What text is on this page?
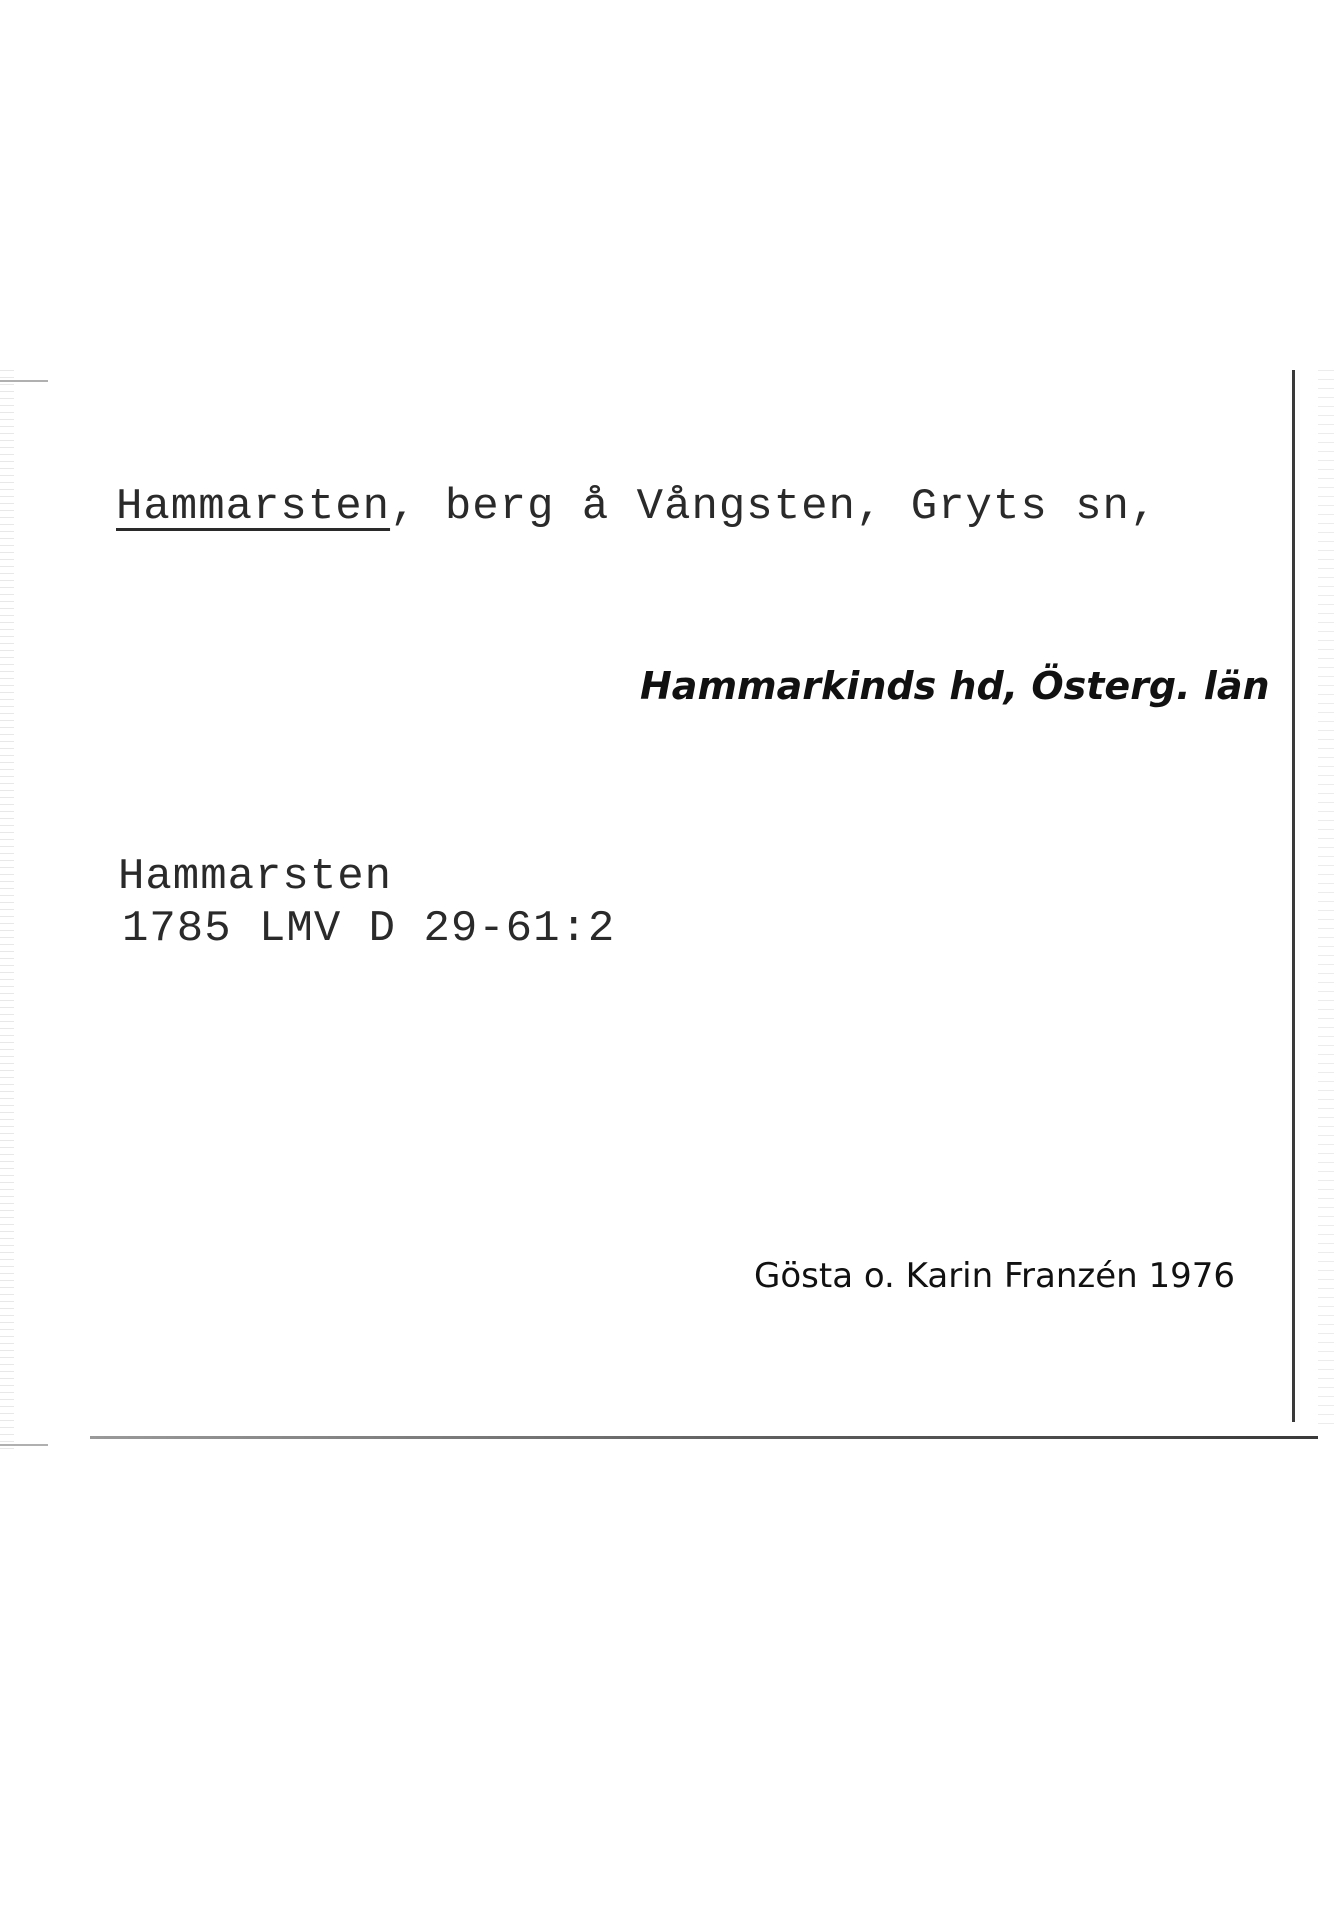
Hammarsten, berg å Vångsten, Gryts sn,
Hammarkinds hd, Österg. län
Hammarsten
1785 LMV D 29-61:2
Gösta o. Karin Franzén 1976
